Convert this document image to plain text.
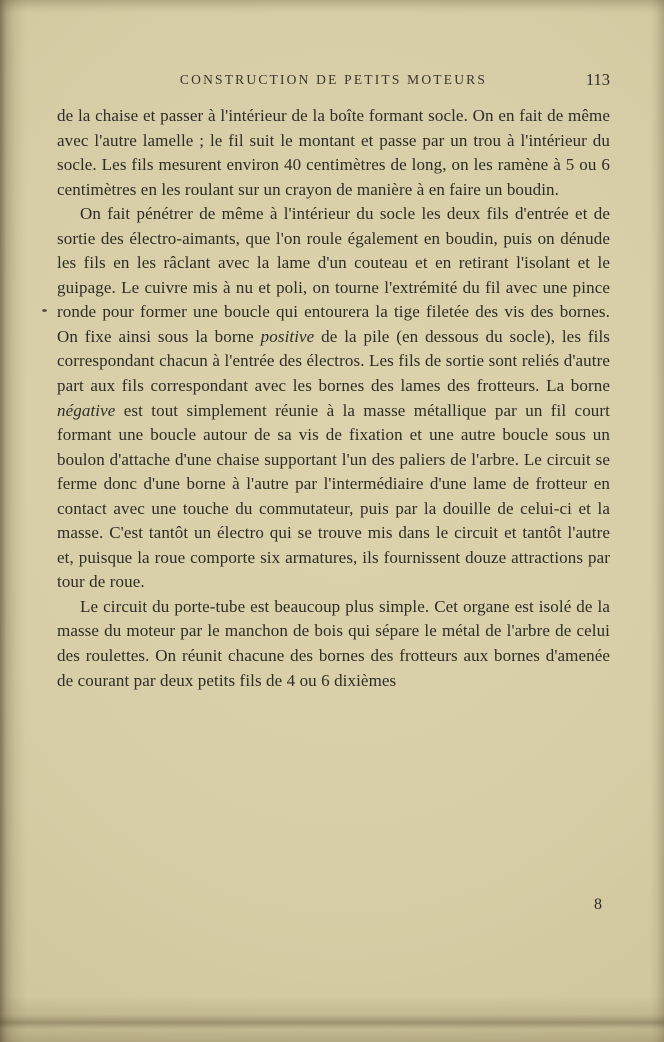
CONSTRUCTION DE PETITS MOTEURS	113

de la chaise et passer à l'intérieur de la boîte formant socle. On en fait de même avec l'autre lamelle ; le fil suit le montant et passe par un trou à l'intérieur du socle. Les fils mesurent environ 40 centimètres de long, on les ramène à 5 ou 6 centimètres en les roulant sur un crayon de manière à en faire un boudin.

On fait pénétrer de même à l'intérieur du socle les deux fils d'entrée et de sortie des électro-aimants, que l'on roule également en boudin, puis on dénude les fils en les râclant avec la lame d'un couteau et en retirant l'isolant et le guipage. Le cuivre mis à nu et poli, on tourne l'extrémité du fil avec une pince ronde pour former une boucle qui entourera la tige filetée des vis des bornes. On fixe ainsi sous la borne positive de la pile (en dessous du socle), les fils correspondant chacun à l'entrée des électros. Les fils de sortie sont reliés d'autre part aux fils correspondant avec les bornes des lames des frotteurs. La borne négative est tout simplement réunie à la masse métallique par un fil court formant une boucle autour de sa vis de fixation et une autre boucle sous un boulon d'attache d'une chaise supportant l'un des paliers de l'arbre. Le circuit se ferme donc d'une borne à l'autre par l'intermédiaire d'une lame de frotteur en contact avec une touche du commutateur, puis par la douille de celui-ci et la masse. C'est tantôt un électro qui se trouve mis dans le circuit et tantôt l'autre et, puisque la roue comporte six armatures, ils fournissent douze attractions par tour de roue.

Le circuit du porte-tube est beaucoup plus simple. Cet organe est isolé de la masse du moteur par le manchon de bois qui sépare le métal de l'arbre de celui des roulettes. On réunit chacune des bornes des frotteurs aux bornes d'amenée de courant par deux petits fils de 4 ou 6 dixièmes

8
